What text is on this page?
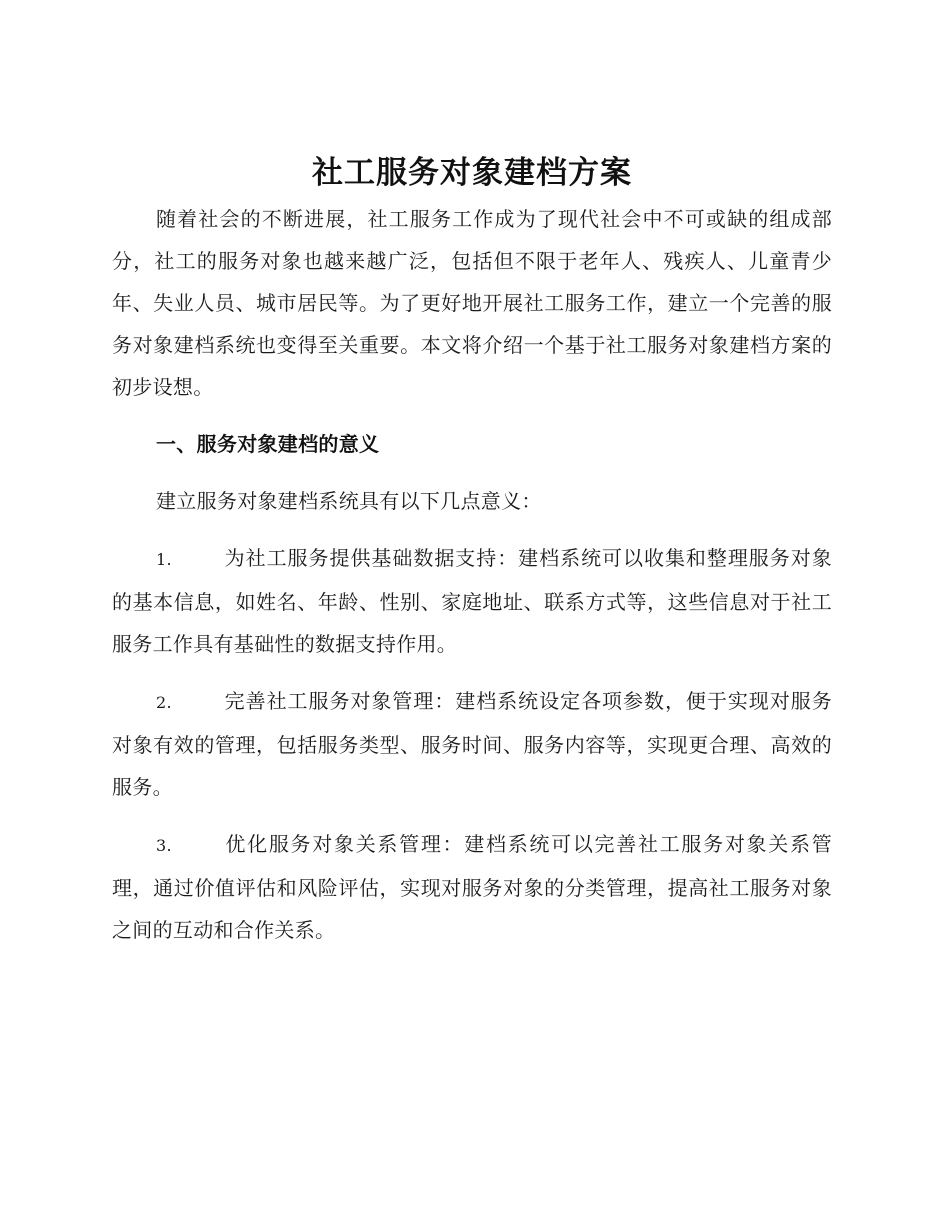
社工服务对象建档方案

随着社会的不断进展，社工服务工作成为了现代社会中不可或缺的组成部分，社工的服务对象也越来越广泛，包括但不限于老年人、残疾人、儿童青少年、失业人员、城市居民等。为了更好地开展社工服务工作，建立一个完善的服务对象建档系统也变得至关重要。本文将介绍一个基于社工服务对象建档方案的初步设想。

一、服务对象建档的意义

建立服务对象建档系统具有以下几点意义：

1.	为社工服务提供基础数据支持：建档系统可以收集和整理服务对象的基本信息，如姓名、年龄、性别、家庭地址、联系方式等，这些信息对于社工服务工作具有基础性的数据支持作用。

2.	完善社工服务对象管理：建档系统设定各项参数，便于实现对服务对象有效的管理，包括服务类型、服务时间、服务内容等，实现更合理、高效的服务。

3.	优化服务对象关系管理：建档系统可以完善社工服务对象关系管理，通过价值评估和风险评估，实现对服务对象的分类管理，提高社工服务对象之间的互动和合作关系。
